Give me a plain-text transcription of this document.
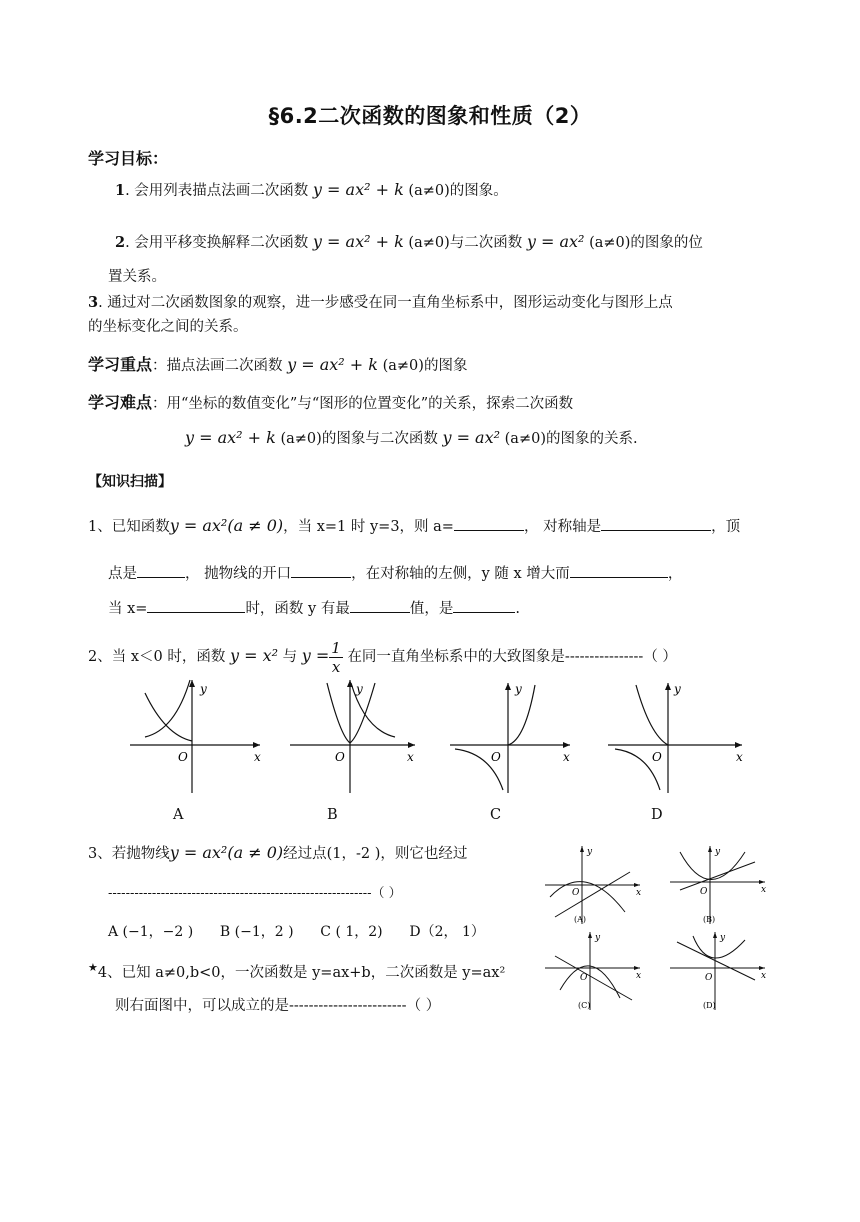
§6.2二次函数的图象和性质（2）
学习目标：
1. 会用列表描点法画二次函数 y = ax² + k (a≠0)的图象。
2. 会用平移变换解释二次函数 y = ax² + k (a≠0)与二次函数 y = ax² (a≠0)的图象的位
置关系。
3. 通过对二次函数图象的观察，进一步感受在同一直角坐标系中，图形运动变化与图形上点
的坐标变化之间的关系。
学习重点：描点法画二次函数 y = ax² + k (a≠0)的图象
学习难点：用“坐标的数值变化”与“图形的位置变化”的关系，探索二次函数
y = ax² + k (a≠0)的图象与二次函数 y = ax² (a≠0)的图象的关系.
【知识扫描】
1、已知函数y = ax²(a ≠ 0)，当 x=1 时 y=3，则 a=	， 对称轴是	，顶
点是	， 抛物线的开口	，在对称轴的左侧，y 随 x 增大而	，
当 x=	时，函数 y 有最	值，是	.
2、当 x＜0 时，函数 y = x² 与 $y = \frac{1}{x}$ 在同一直角坐标系中的大致图象是----------------（ ）
y
O	x
y
O	x
y
O	x
y
O	x
A	B	C	D
3、若抛物线y = ax²(a ≠ 0)经过点(1，-2 )，则它也经过
------------------------------------------------------------（ ）
A (−1，−2 ) B (−1，2 ) C ( 1，2) D（2， 1）
★4、已知 a≠0,b<0，一次函数是 y=ax+b，二次函数是 y=ax²
则右面图中，可以成立的是------------------------（ ）
y
O	x
(A)
y
O	x
(B)
y
O	x
(C)
y
O	x
(D)
